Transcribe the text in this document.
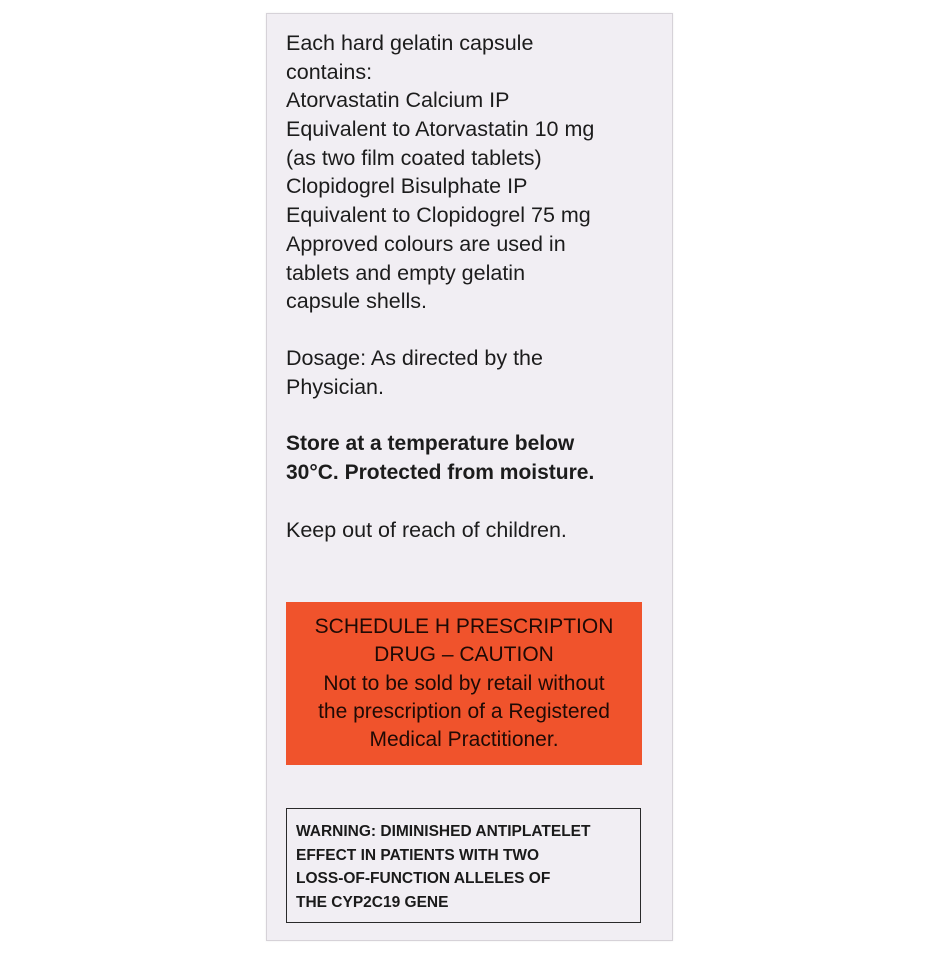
Each hard gelatin capsule
contains:
Atorvastatin Calcium IP
Equivalent to Atorvastatin 10 mg
(as two film coated tablets)
Clopidogrel Bisulphate IP
Equivalent to Clopidogrel 75 mg
Approved colours are used in
tablets and empty gelatin
capsule shells.
Dosage: As directed by the
Physician.
Store at a temperature below
30°C. Protected from moisture.
Keep out of reach of children.
SCHEDULE H PRESCRIPTION
DRUG – CAUTION
Not to be sold by retail without
the prescription of a Registered
Medical Practitioner.
WARNING: DIMINISHED ANTIPLATELET
EFFECT IN PATIENTS WITH TWO
LOSS-OF-FUNCTION ALLELES OF
THE CYP2C19 GENE
